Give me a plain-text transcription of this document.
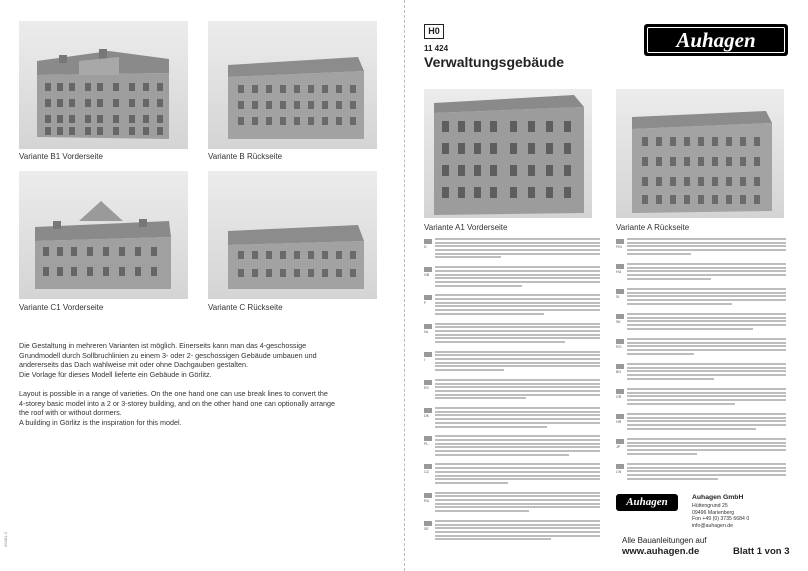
Variante B1 Vorderseite	Variante B Rückseite
Variante C1 Vorderseite	Variante C Rückseite
Die Gestaltung in mehreren Varianten ist möglich. Einerseits kann man das 4-geschossige
Grundmodell durch Sollbruchlinien zu einem 3- oder 2- geschossigen Gebäude umbauen und
andererseits das Dach wahlweise mit oder ohne Dachgauben gestalten.
Die Vorlage für dieses Modell lieferte ein Gebäude in Görlitz.
Layout is possible in a range of varieties. On the one hand one can use break lines to convert the
4-storey basic model into a 2 or 3-storey building, and on the other hand one can optionally arrange
the roof with or without dormers.
A building in Görlitz is the inspiration for this model.
89481-3
H0
11 424
Verwaltungsgebäude
Auhagen
Variante A1 Vorderseite	Variante A Rückseite
D
GB
F
NL
I
ES
DK
PL
CZ
RU
SE
FIN
HU
SI
SK
RO
BG
GR
HR
JP
CN
Auhagen
Alle Bauanleitungen auf
www.auhagen.de
Auhagen GmbH
Hüttengrund 25
09496 Marienberg
Fon +49 (0) 3735 6684 0
info@auhagen.de
Blatt 1 von 3
